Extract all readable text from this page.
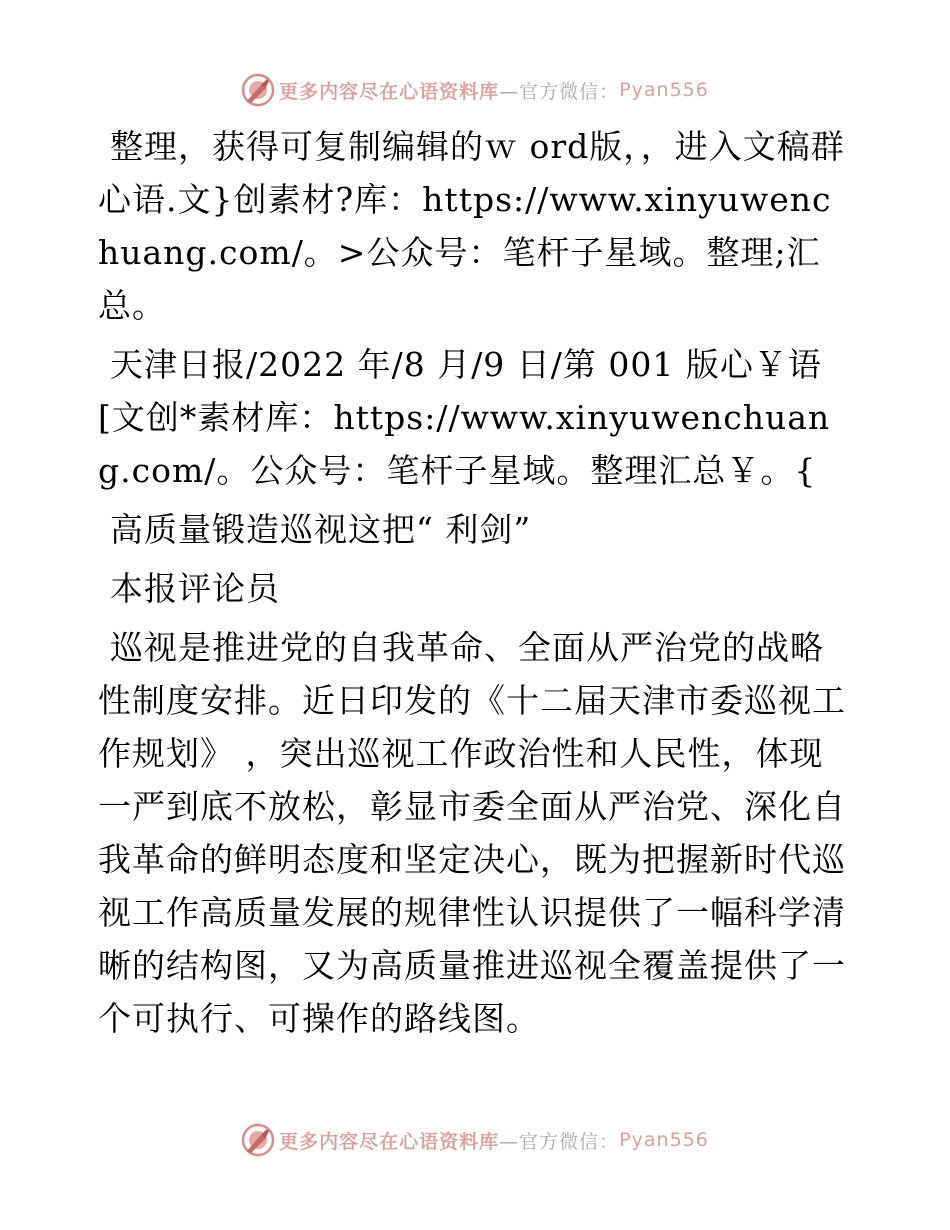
更多内容尽在心语资料库 —官方微信： Pyan556

整理，获得可复制编辑的ｗ ord版，，进入文稿群心语.文}创素材?库：https://www.xinyuwenchuang.com/。>公众号：笔杆子星域。整理;汇总。

天津日报/2022 年/8 月/9 日/第 001 版心￥语[文创*素材库：https://www.xinyuwenchuang.com/。公众号：笔杆子星域。整理汇总￥。{

高质量锻造巡视这把“ 利剑”

本报评论员

巡视是推进党的自我革命、全面从严治党的战略性制度安排。近日印发的《十二届天津市委巡视工作规划》 ，突出巡视工作政治性和人民性，体现一严到底不放松，彰显市委全面从严治党、深化自我革命的鲜明态度和坚定决心，既为把握新时代巡视工作高质量发展的规律性认识提供了一幅科学清晰的结构图，又为高质量推进巡视全覆盖提供了一个可执行、可操作的路线图。

更多内容尽在心语资料库 —官方微信： Pyan556
